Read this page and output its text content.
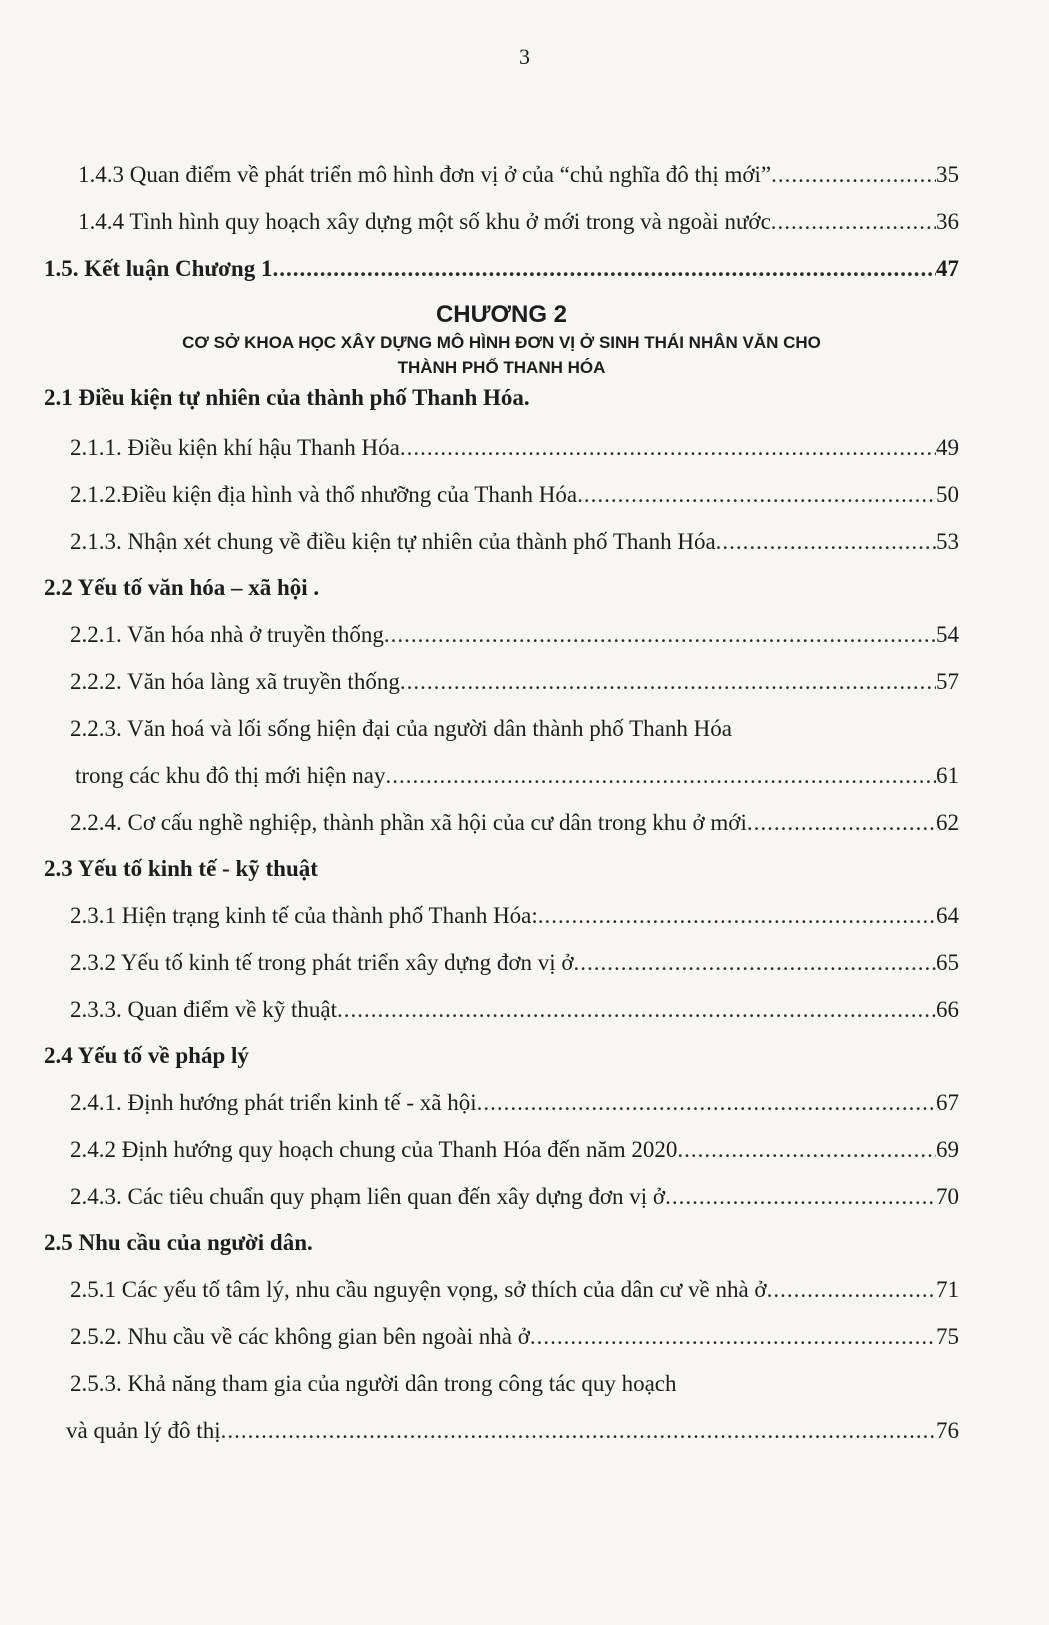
3
1.4.3 Quan điểm về phát triển mô hình đơn vị ở của “chủ nghĩa đô thị mới” .....	35
1.4.4 Tình hình quy hoạch xây dựng một số khu ở mới trong và ngoài nước .....	36
1.5. Kết luận Chương 1 .....	47
CHƯƠNG 2
CƠ SỞ KHOA HỌC XÂY DỰNG MÔ HÌNH ĐƠN VỊ Ở SINH THÁI NHÂN VĂN CHO
THÀNH PHỐ THANH HÓA
2.1 Điều kiện tự nhiên của thành phố Thanh Hóa.
2.1.1. Điều kiện khí hậu Thanh Hóa .....	49
2.1.2.Điều kiện địa hình và thổ nhưỡng của Thanh Hóa .....	50
2.1.3. Nhận xét chung về điều kiện tự nhiên của thành phố Thanh Hóa .....	53
2.2 Yếu tố văn hóa – xã hội .
2.2.1. Văn hóa nhà ở truyền thống .....	54
2.2.2. Văn hóa làng xã truyền thống .....	57
2.2.3. Văn hoá và lối sống hiện đại của người dân thành phố Thanh Hóa
trong các khu đô thị mới hiện nay .....	61
2.2.4. Cơ cấu nghề nghiệp, thành phần xã hội của cư dân trong khu ở mới .....	62
2.3 Yếu tố kinh tế - kỹ thuật
2.3.1 Hiện trạng kinh tế của thành phố Thanh Hóa: .....	64
2.3.2 Yếu tố kinh tế trong phát triển xây dựng đơn vị ở .....	65
2.3.3. Quan điểm về kỹ thuật .....	66
2.4 Yếu tố về pháp lý
2.4.1. Định hướng phát triển kinh tế - xã hội .....	67
2.4.2 Định hướng quy hoạch chung của Thanh Hóa đến năm 2020 .....	69
2.4.3. Các tiêu chuẩn quy phạm liên quan đến xây dựng đơn vị ở .....	70
2.5 Nhu cầu của người dân.
2.5.1 Các yếu tố tâm lý, nhu cầu nguyện vọng, sở thích của dân cư về nhà ở .....	71
2.5.2. Nhu cầu về các không gian bên ngoài nhà ở .....	75
2.5.3. Khả năng tham gia của người dân trong công tác quy hoạch
và quản lý đô thị .....	76
